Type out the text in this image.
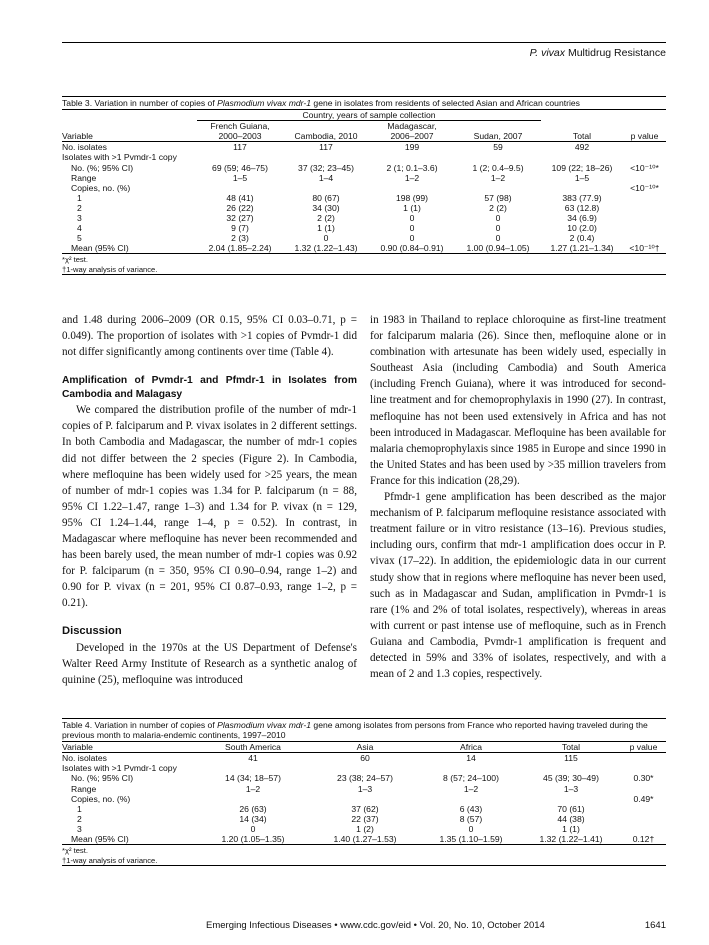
P. vivax Multidrug Resistance
Table 3. Variation in number of copies of Plasmodium vivax mdr-1 gene in isolates from residents of selected Asian and African countries
	Country, years of sample collection					
	French Guiana,		Madagascar,			
Variable	2000–2003	Cambodia, 2010	2006–2007	Sudan, 2007	Total	p value
No. isolates	117	117	199	59	492	
Isolates with >1 Pvmdr-1 copy						
No. (%; 95% CI)	69 (59; 46–75)	37 (32; 23–45)	2 (1; 0.1–3.6)	1 (2; 0.4–9.5)	109 (22; 18–26)	<10⁻¹⁰*
Range	1–5	1–4	1–2	1–2	1–5	
Copies, no. (%)						<10⁻¹⁰*
1	48 (41)	80 (67)	198 (99)	57 (98)	383 (77.9)	
2	26 (22)	34 (30)	1 (1)	2 (2)	63 (12.8)	
3	32 (27)	2 (2)	0	0	34 (6.9)	
4	9 (7)	1 (1)	0	0	10 (2.0)	
5	2 (3)	0	0	0	2 (0.4)	
Mean (95% CI)	2.04 (1.85–2.24)	1.32 (1.22–1.43)	0.90 (0.84–0.91)	1.00 (0.94–1.05)	1.27 (1.21–1.34)	<10⁻¹⁰†
*χ² test.
†1-way analysis of variance.

and 1.48 during 2006–2009 (OR 0.15, 95% CI 0.03–0.71, p = 0.049). The proportion of isolates with >1 copies of Pvmdr-1 did not differ significantly among continents over time (Table 4).

Amplification of Pvmdr-1 and Pfmdr-1 in Isolates from Cambodia and Malagasy

We compared the distribution profile of the number of mdr-1 copies of P. falciparum and P. vivax isolates in 2 different settings. In both Cambodia and Madagascar, the number of mdr-1 copies did not differ between the 2 species (Figure 2). In Cambodia, where mefloquine has been widely used for >25 years, the mean of number of mdr-1 copies was 1.34 for P. falciparum (n = 88, 95% CI 1.22–1.47, range 1–3) and 1.34 for P. vivax (n = 129, 95% CI 1.24–1.44, range 1–4, p = 0.52). In contrast, in Madagascar where mefloquine has never been recommended and has been barely used, the mean number of mdr-1 copies was 0.92 for P. falciparum (n = 350, 95% CI 0.90–0.94, range 1–2) and 0.90 for P. vivax (n = 201, 95% CI 0.87–0.93, range 1–2, p = 0.21).

Discussion

Developed in the 1970s at the US Department of Defense's Walter Reed Army Institute of Research as a synthetic analog of quinine (25), mefloquine was introduced

in 1983 in Thailand to replace chloroquine as first-line treatment for falciparum malaria (26). Since then, mefloquine alone or in combination with artesunate has been widely used, especially in Southeast Asia (including Cambodia) and South America (including French Guiana), where it was introduced for second-line treatment and for chemoprophylaxis in 1990 (27). In contrast, mefloquine has not been used extensively in Africa and has not been introduced in Madagascar. Mefloquine has been available for malaria chemoprophylaxis since 1985 in Europe and since 1990 in the United States and has been used by >35 million travelers from France for this indication (28,29).

Pfmdr-1 gene amplification has been described as the major mechanism of P. falciparum mefloquine resistance associated with treatment failure or in vitro resistance (13–16). Previous studies, including ours, confirm that mdr-1 amplification does occur in P. vivax (17–22). In addition, the epidemiologic data in our current study show that in regions where mefloquine has never been used, such as in Madagascar and Sudan, amplification in Pvmdr-1 is rare (1% and 2% of total isolates, respectively), whereas in areas with current or past intense use of mefloquine, such as in French Guiana and Cambodia, Pvmdr-1 amplification is frequent and detected in 59% and 33% of isolates, respectively, and with a mean of 2 and 1.3 copies, respectively.

Table 4. Variation in number of copies of Plasmodium vivax mdr-1 gene among isolates from persons from France who reported having traveled during the previous month to malaria-endemic continents, 1997–2010
Variable	South America	Asia	Africa	Total	p value
No. isolates	41	60	14	115	
Isolates with >1 Pvmdr-1 copy					
No. (%; 95% CI)	14 (34; 18–57)	23 (38; 24–57)	8 (57; 24–100)	45 (39; 30–49)	0.30*
Range	1–2	1–3	1–2	1–3	
Copies, no. (%)					0.49*
1	26 (63)	37 (62)	6 (43)	70 (61)	
2	14 (34)	22 (37)	8 (57)	44 (38)	
3	0	1 (2)	0	1 (1)	
Mean (95% CI)	1.20 (1.05–1.35)	1.40 (1.27–1.53)	1.35 (1.10–1.59)	1.32 (1.22–1.41)	0.12†
*χ² test.
†1-way analysis of variance.
Emerging Infectious Diseases • www.cdc.gov/eid • Vol. 20, No. 10, October 2014	1641
